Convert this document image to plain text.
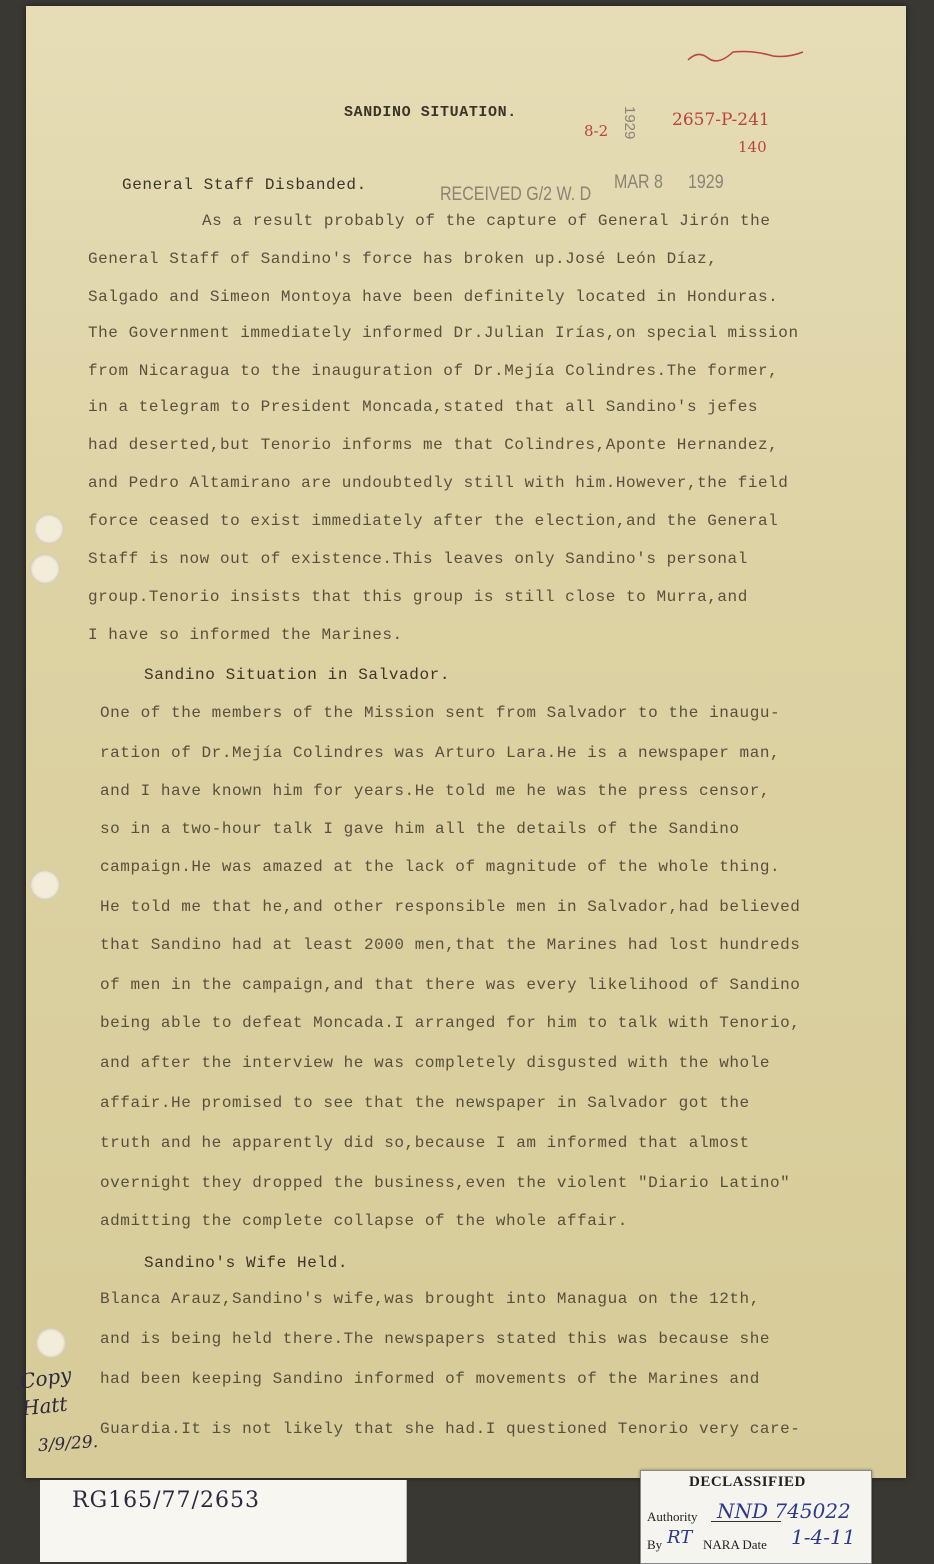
SANDINO SITUATION.
8-2
2657-P-241
140
1929
General Staff Disbanded.	RECEIVED G/2 W. D
MAR 8 1929
As a result probably of the capture of General Jirón the
General Staff of Sandino's force has broken up.José León Díaz,
Salgado and Simeon Montoya have been definitely located in Honduras.
The Government immediately informed Dr.Julian Irías,on special mission
from Nicaragua to the inauguration of Dr.Mejía Colindres.The former,
in a telegram to President Moncada,stated that all Sandino's jefes
had deserted,but Tenorio informs me that Colindres,Aponte Hernandez,
and Pedro Altamirano are undoubtedly still with him.However,the field
force ceased to exist immediately after the election,and the General
Staff is now out of existence.This leaves only Sandino's personal
group.Tenorio insists that this group is still close to Murra,and
I have so informed the Marines.
Sandino Situation in Salvador.
One of the members of the Mission sent from Salvador to the inaugu-
ration of Dr.Mejía Colindres was Arturo Lara.He is a newspaper man,
and I have known him for years.He told me he was the press censor,
so in a two-hour talk I gave him all the details of the Sandino
campaign.He was amazed at the lack of magnitude of the whole thing.
He told me that he,and other responsible men in Salvador,had believed
that Sandino had at least 2000 men,that the Marines had lost hundreds
of men in the campaign,and that there was every likelihood of Sandino
being able to defeat Moncada.I arranged for him to talk with Tenorio,
and after the interview he was completely disgusted with the whole
affair.He promised to see that the newspaper in Salvador got the
truth and he apparently did so,because I am informed that almost
overnight they dropped the business,even the violent "Diario Latino"
admitting the complete collapse of the whole affair.
Sandino's Wife Held.
Blanca Arauz,Sandino's wife,was brought into Managua on the 12th,
and is being held there.The newspapers stated this was because she
had been keeping Sandino informed of movements of the Marines and
Guardia.It is not likely that she had.I questioned Tenorio very care-
Copy
Hatt
3/9/29.
RG165/77/2653
DECLASSIFIED
Authority NND 745022
By RT NARA Date 1-4-11
